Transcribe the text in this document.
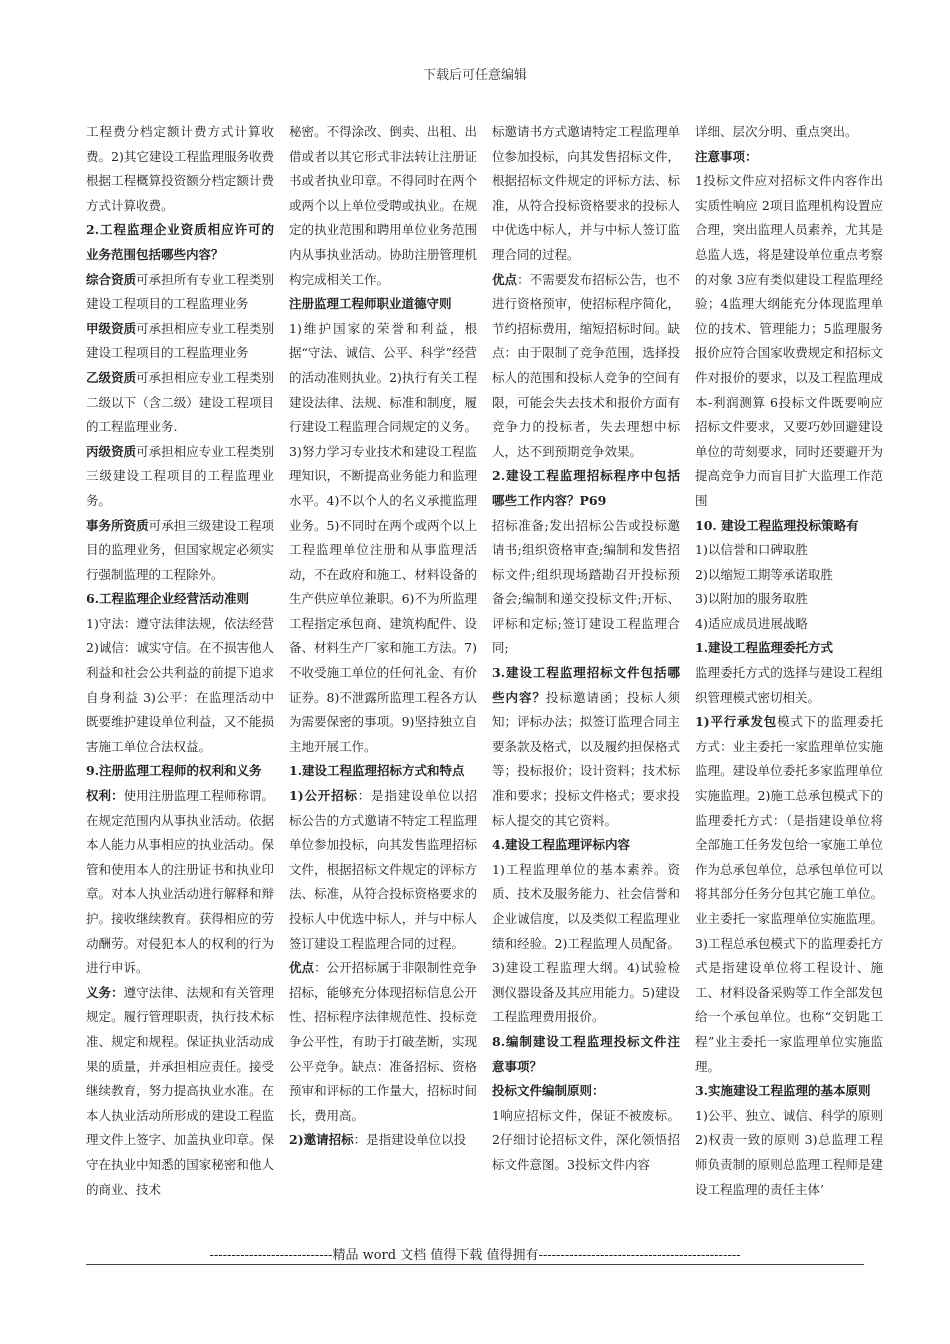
下载后可任意编辑

工程费分档定额计费方式计算收费。2)其它建设工程监理服务收费根据工程概算投资额分档定额计费方式计算收费。

2.工程监理企业资质相应许可的业务范围包括哪些内容？

综合资质可承担所有专业工程类别建设工程项目的工程监理业务

甲级资质可承担相应专业工程类别建设工程项目的工程监理业务

乙级资质可承担相应专业工程类别二级以下（含二级）建设工程项目的工程监理业务.

丙级资质可承担相应专业工程类别三级建设工程项目的工程监理业务。

事务所资质可承担三级建设工程项目的监理业务，但国家规定必须实行强制监理的工程除外。

6.工程监理企业经营活动准则

1)守法：遵守法律法规，依法经营 2)诚信：诚实守信。在不损害他人利益和社会公共利益的前提下追求自身利益 3)公平：在监理活动中既要维护建设单位利益，又不能损害施工单位合法权益。

9.注册监理工程师的权利和义务

权利：使用注册监理工程师称谓。在规定范围内从事执业活动。依据本人能力从事相应的执业活动。保管和使用本人的注册证书和执业印章。对本人执业活动进行解释和辩护。接收继续教育。获得相应的劳动酬劳。对侵犯本人的权利的行为进行申诉。

义务：遵守法律、法规和有关管理规定。履行管理职责，执行技术标准、规定和规程。保证执业活动成果的质量，并承担相应责任。接受继续教育，努力提高执业水准。在本人执业活动所形成的建设工程监理文件上签字、加盖执业印章。保守在执业中知悉的国家秘密和他人的商业、技术

秘密。不得涂改、倒卖、出租、出借或者以其它形式非法转让注册证书或者执业印章。不得同时在两个或两个以上单位受聘或执业。在规定的执业范围和聘用单位业务范围内从事执业活动。协助注册管理机构完成相关工作。

注册监理工程师职业道德守则

1)维护国家的荣誉和利益，根据“守法、诚信、公平、科学”经营的活动准则执业。2)执行有关工程建设法律、法规、标准和制度，履行建设工程监理合同规定的义务。3)努力学习专业技术和建设工程监理知识，不断提高业务能力和监理水平。4)不以个人的名义承揽监理业务。5)不同时在两个或两个以上工程监理单位注册和从事监理活动，不在政府和施工、材料设备的生产供应单位兼职。6)不为所监理工程指定承包商、建筑构配件、设备、材料生产厂家和施工方法。7)不收受施工单位的任何礼金、有价证券。8)不泄露所监理工程各方认为需要保密的事项。9)坚持独立自主地开展工作。

1.建设工程监理招标方式和特点

1)公开招标：是指建设单位以招标公告的方式邀请不特定工程监理单位参加投标，向其发售监理招标文件，根据招标文件规定的评标方法、标准，从符合投标资格要求的投标人中优选中标人，并与中标人签订建设工程监理合同的过程。

优点：公开招标属于非限制性竞争招标，能够充分体现招标信息公开性、招标程序法律规范性、投标竞争公平性，有助于打破垄断，实现公平竞争。缺点：准备招标、资格预审和评标的工作量大，招标时间长，费用高。

2)邀请招标：是指建设单位以投

标邀请书方式邀请特定工程监理单位参加投标，向其发售招标文件，根据招标文件规定的评标方法、标准，从符合投标资格要求的投标人中优选中标人，并与中标人签订监理合同的过程。

优点：不需要发布招标公告，也不进行资格预审，使招标程序简化，节约招标费用，缩短招标时间。缺点：由于限制了竞争范围，选择投标人的范围和投标人竞争的空间有限，可能会失去技术和报价方面有竞争力的投标者，失去理想中标人，达不到预期竞争效果。

2.建设工程监理招标程序中包括哪些工作内容？P69

招标准备;发出招标公告或投标邀请书;组织资格审查;编制和发售招标文件;组织现场踏勘召开投标预备会;编制和递交投标文件;开标、评标和定标;签订建设工程监理合同;

3.建设工程监理招标文件包括哪些内容？投标邀请函；投标人须知；评标办法；拟签订监理合同主要条款及格式，以及履约担保格式等；投标报价；设计资料；技术标准和要求；投标文件格式；要求投标人提交的其它资料。

4.建设工程监理评标内容

1)工程监理单位的基本素养。资质、技术及服务能力、社会信誉和企业诚信度，以及类似工程监理业绩和经验。2)工程监理人员配备。3)建设工程监理大纲。4)试验检测仪器设备及其应用能力。5)建设工程监理费用报价。

8.编制建设工程监理投标文件注意事项？

投标文件编制原则：

1响应招标文件，保证不被废标。2仔细讨论招标文件，深化领悟招标文件意图。3投标文件内容

详细、层次分明、重点突出。

注意事项：

1投标文件应对招标文件内容作出实质性响应 2项目监理机构设置应合理，突出监理人员素养，尤其是总监人选，将是建设单位重点考察的对象 3应有类似建设工程监理经验；4监理大纲能充分体现监理单位的技术、管理能力；5监理服务报价应符合国家收费规定和招标文件对报价的要求，以及工程监理成本-利润测算 6投标文件既要响应招标文件要求，又要巧妙回避建设单位的苛刻要求，同时还要避开为提高竞争力而盲目扩大监理工作范围

10. 建设工程监理投标策略有

1)以信誉和口碑取胜

2)以缩短工期等承诺取胜

3)以附加的服务取胜

4)适应成员进展战略

1.建设工程监理委托方式

监理委托方式的选择与建设工程组织管理模式密切相关。

1)平行承发包模式下的监理委托方式：业主委托一家监理单位实施监理。建设单位委托多家监理单位实施监理。2)施工总承包模式下的监理委托方式：（是指建设单位将全部施工任务发包给一家施工单位作为总承包单位，总承包单位可以将其部分任务分包其它施工单位。业主委托一家监理单位实施监理。3)工程总承包模式下的监理委托方式是指建设单位将工程设计、施工、材料设备采购等工作全部发包给一个承包单位。也称“交钥匙工程”业主委托一家监理单位实施监理。

3.实施建设工程监理的基本原则

1)公平、独立、诚信、科学的原则 2)权责一致的原则 3)总监理工程师负责制的原则总监理工程师是建设工程监理的责任主体’

----------------------------精品 word 文档 值得下载 值得拥有----------------------------------------------
